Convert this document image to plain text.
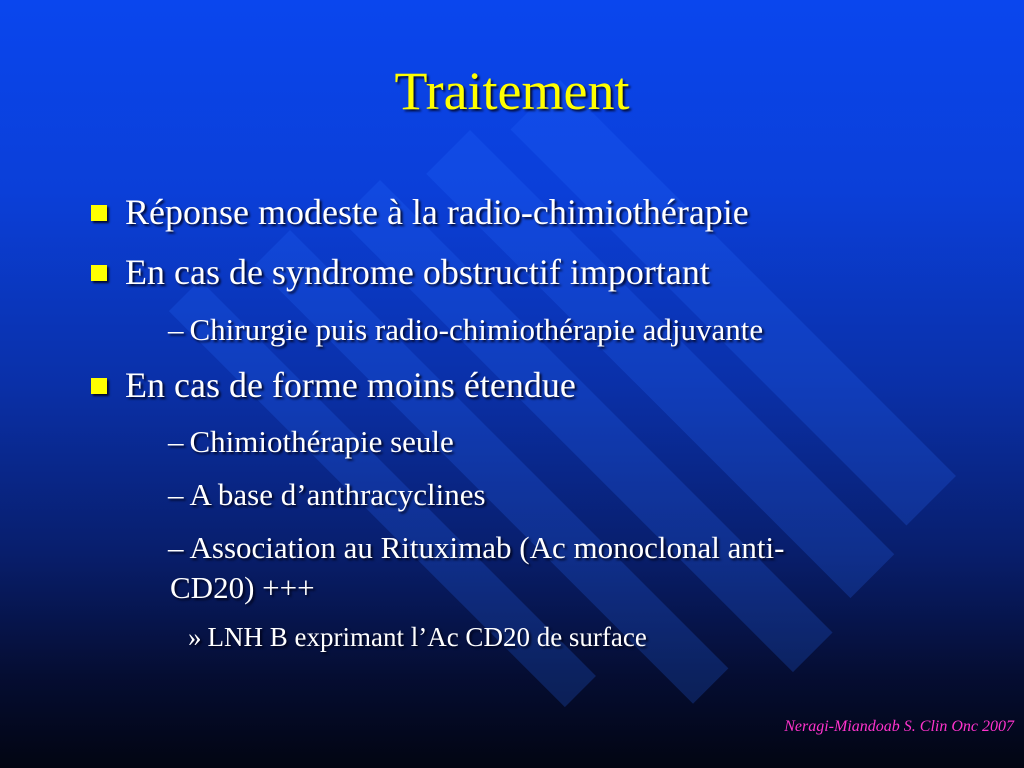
Traitement
Réponse modeste à la radio-chimiothérapie
En cas de syndrome obstructif important
– Chirurgie puis radio-chimiothérapie adjuvante
En cas de forme moins étendue
– Chimiothérapie seule
– A base d’anthracyclines
– Association au Rituximab (Ac monoclonal anti-
CD20) +++
» LNH B exprimant l’Ac CD20 de surface
Neragi-Miandoab S. Clin Onc 2007
